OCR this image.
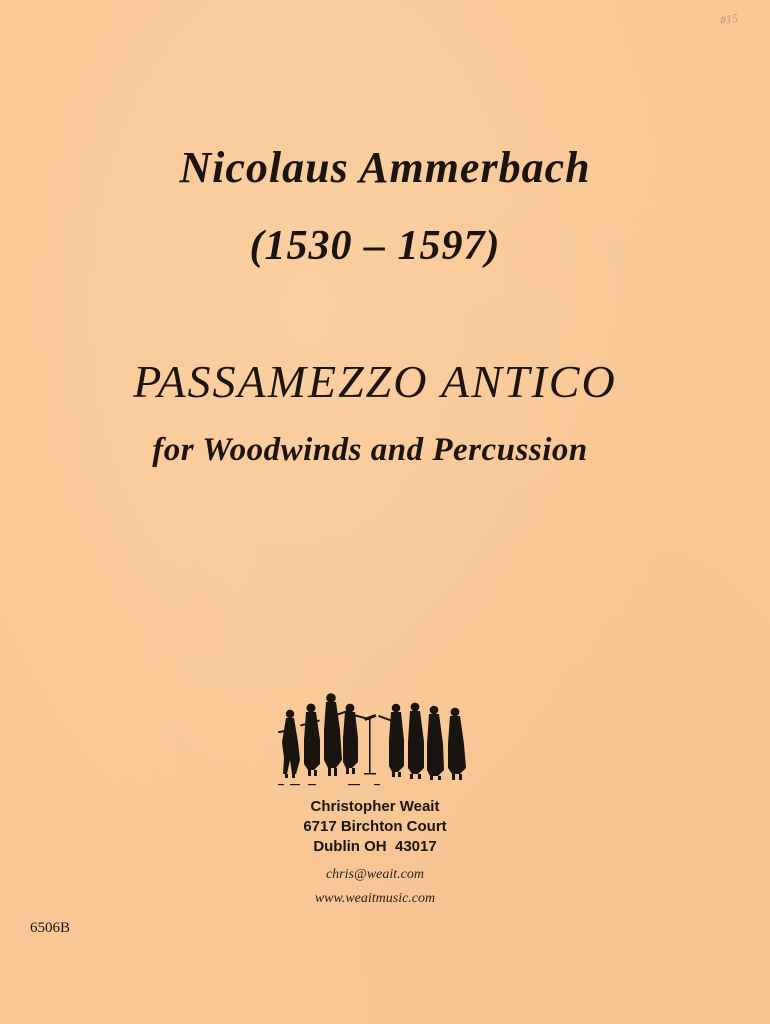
#15
Nicolaus Ammerbach
(1530 – 1597)
PASSAMEZZO ANTICO
for Woodwinds and Percussion
Christopher Weait
6717 Birchton Court
Dublin OH  43017
chris@weait.com
www.weaitmusic.com
6506B
